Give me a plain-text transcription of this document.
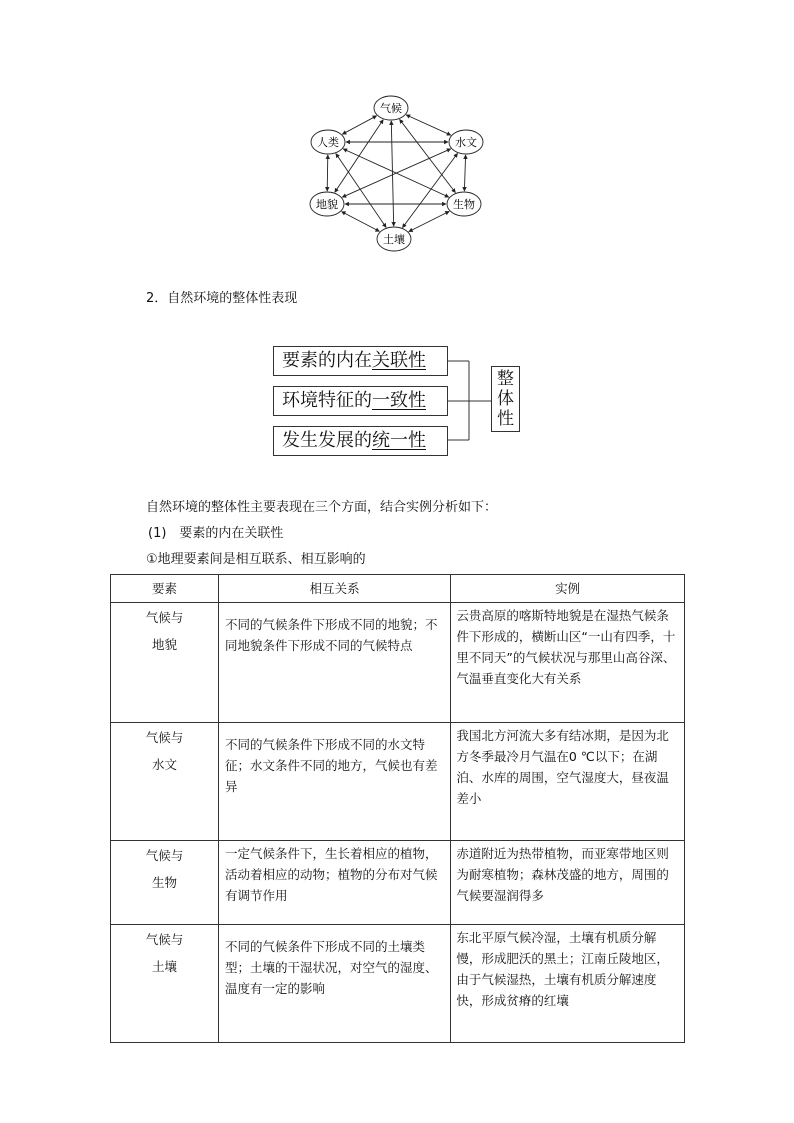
气候
水文
生物
土壤
地貌
人类
2．自然环境的整体性表现
要素的内在关联性
环境特征的一致性
发生发展的统一性
整
体
性
自然环境的整体性主要表现在三个方面，结合实例分析如下：
(1)　要素的内在关联性
①地理要素间是相互联系、相互影响的
要素	相互关系	实例
气候与
地貌	不同的气候条件下形成不同的地貌；不同地貌条件下形成不同的气候特点	云贵高原的喀斯特地貌是在湿热气候条件下形成的，横断山区“一山有四季，十里不同天”的气候状况与那里山高谷深、气温垂直变化大有关系
气候与
水文	不同的气候条件下形成不同的水文特征；水文条件不同的地方，气候也有差异	我国北方河流大多有结冰期，是因为北方冬季最冷月气温在0 ℃以下；在湖泊、水库的周围，空气湿度大，昼夜温差小
气候与
生物	一定气候条件下，生长着相应的植物，活动着相应的动物；植物的分布对气候有调节作用	赤道附近为热带植物，而亚寒带地区则为耐寒植物；森林茂盛的地方，周围的气候要湿润得多
气候与
土壤	不同的气候条件下形成不同的土壤类型；土壤的干湿状况，对空气的湿度、温度有一定的影响	东北平原气候冷湿，土壤有机质分解慢，形成肥沃的黑土；江南丘陵地区，由于气候湿热，土壤有机质分解速度快，形成贫瘠的红壤
